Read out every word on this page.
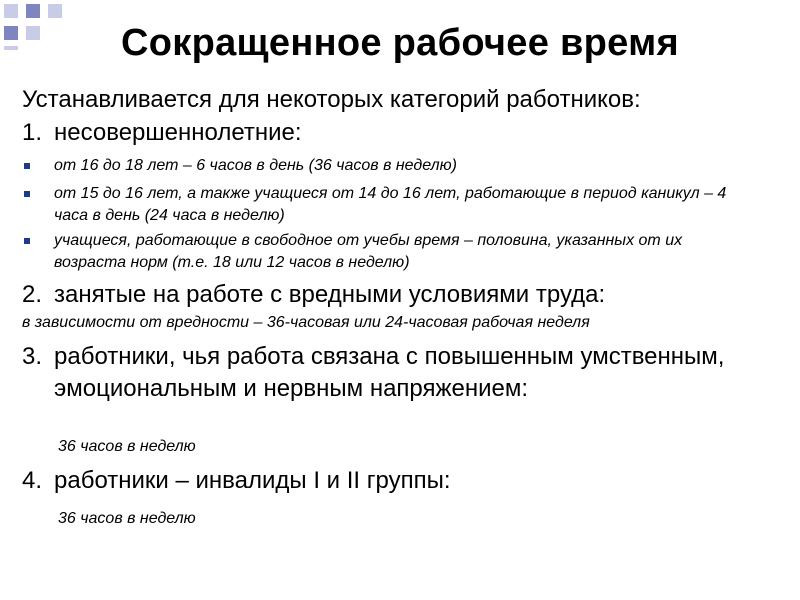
Сокращенное рабочее время
Устанавливается для некоторых категорий работников:
1. несовершеннолетние:
от 16 до 18 лет – 6 часов в день (36 часов в неделю)
от 15 до 16 лет, а также учащиеся от 14 до 16 лет, работающие в период каникул – 4 часа в день (24 часа в неделю)
учащиеся, работающие в свободное от учебы время – половина, указанных от их возраста норм (т.е. 18 или 12 часов в неделю)
2. занятые на работе с вредными условиями труда:
в зависимости от вредности – 36-часовая или 24-часовая рабочая неделя
3. работники, чья работа связана с повышенным умственным, эмоциональным и нервным напряжением:
36 часов в неделю
4. работники – инвалиды I и II группы:
36 часов в неделю
